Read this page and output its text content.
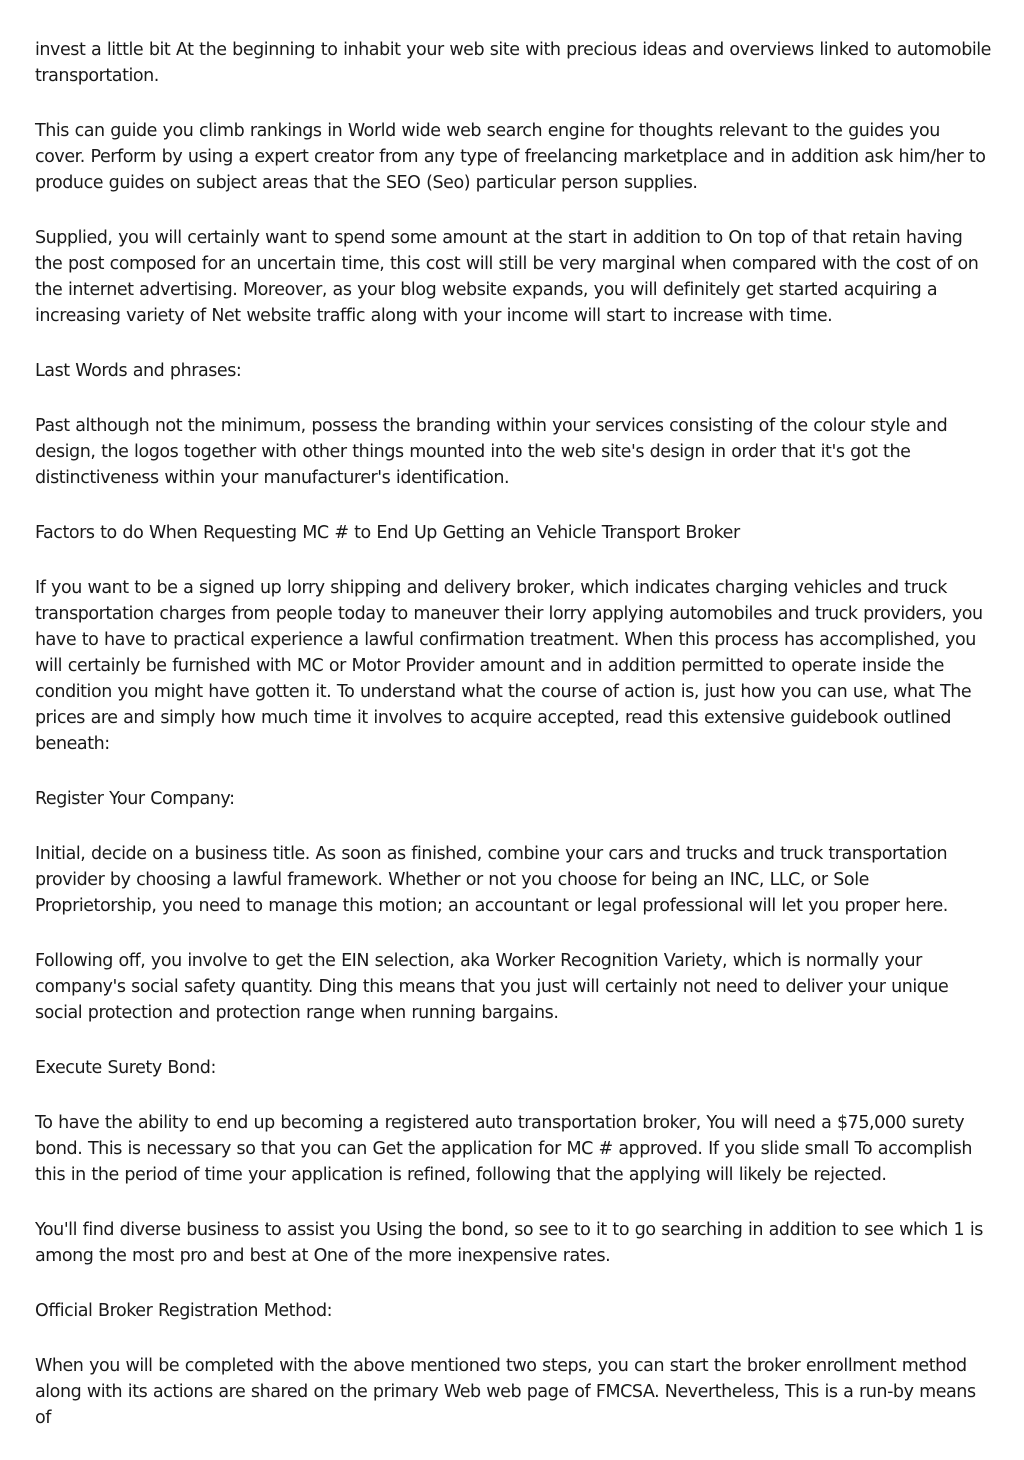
invest a little bit At the beginning to inhabit your web site with precious ideas and overviews linked to automobile transportation.

This can guide you climb rankings in World wide web search engine for thoughts relevant to the guides you cover. Perform by using a expert creator from any type of freelancing marketplace and in addition ask him/her to produce guides on subject areas that the SEO (Seo) particular person supplies.

Supplied, you will certainly want to spend some amount at the start in addition to On top of that retain having the post composed for an uncertain time, this cost will still be very marginal when compared with the cost of on the internet advertising. Moreover, as your blog website expands, you will definitely get started acquiring a increasing variety of Net website traffic along with your income will start to increase with time.

Last Words and phrases:

Past although not the minimum, possess the branding within your services consisting of the colour style and design, the logos together with other things mounted into the web site's design in order that it's got the distinctiveness within your manufacturer's identification.

Factors to do When Requesting MC # to End Up Getting an Vehicle Transport Broker

If you want to be a signed up lorry shipping and delivery broker, which indicates charging vehicles and truck transportation charges from people today to maneuver their lorry applying automobiles and truck providers, you have to have to practical experience a lawful confirmation treatment. When this process has accomplished, you will certainly be furnished with MC or Motor Provider amount and in addition permitted to operate inside the condition you might have gotten it. To understand what the course of action is, just how you can use, what The prices are and simply how much time it involves to acquire accepted, read this extensive guidebook outlined beneath:

Register Your Company:

Initial, decide on a business title. As soon as finished, combine your cars and trucks and truck transportation provider by choosing a lawful framework. Whether or not you choose for being an INC, LLC, or Sole Proprietorship, you need to manage this motion; an accountant or legal professional will let you proper here.

Following off, you involve to get the EIN selection, aka Worker Recognition Variety, which is normally your company's social safety quantity. Ding this means that you just will certainly not need to deliver your unique social protection and protection range when running bargains.

Execute Surety Bond:

To have the ability to end up becoming a registered auto transportation broker, You will need a $75,000 surety bond. This is necessary so that you can Get the application for MC # approved. If you slide small To accomplish this in the period of time your application is refined, following that the applying will likely be rejected.

You'll find diverse business to assist you Using the bond, so see to it to go searching in addition to see which 1 is among the most pro and best at One of the more inexpensive rates.

Official Broker Registration Method:

When you will be completed with the above mentioned two steps, you can start the broker enrollment method along with its actions are shared on the primary Web web page of FMCSA. Nevertheless, This is a run-by means of
